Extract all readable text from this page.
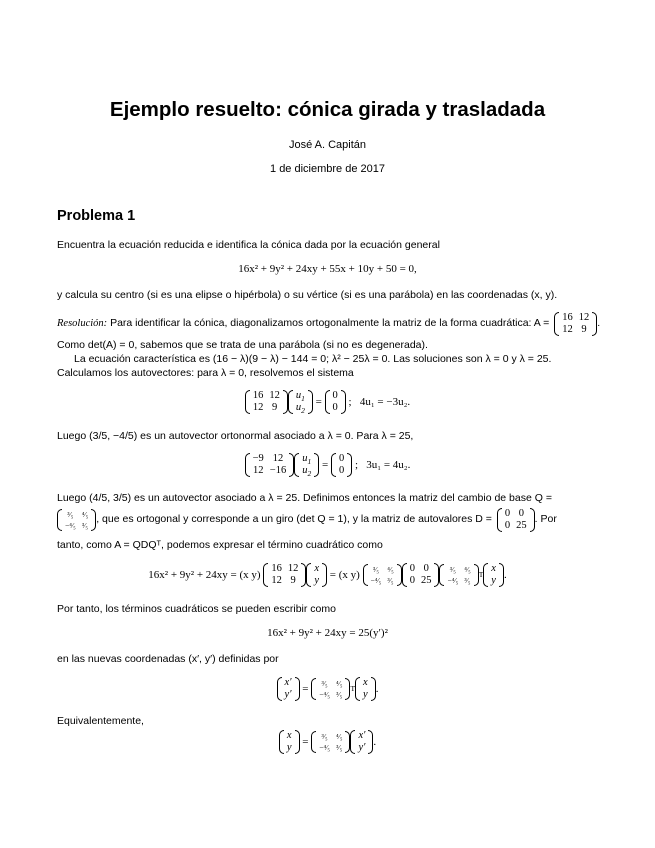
Ejemplo resuelto: cónica girada y trasladada
José A. Capitán
1 de diciembre de 2017
Problema 1
Encuentra la ecuación reducida e identifica la cónica dada por la ecuación general
16x² + 9y² + 24xy + 55x + 10y + 50 = 0,
y calcula su centro (si es una elipse o hipérbola) o su vértice (si es una parábola) en las coordenadas (x, y).
Resolución: Para identificar la cónica, diagonalizamos ortogonalmente la matriz de la forma cuadrática: A = 16	12
12	9
.
Como det(A) = 0, sabemos que se trata de una parábola (si no es degenerada).
La ecuación característica es (16 − λ)(9 − λ) − 144 = 0; λ² − 25λ = 0. Las soluciones son λ = 0 y λ = 25.
Calculamos los autovectores: para λ = 0, resolvemos el sistema
16	12
12	9
$u_1$
$u_2$
=
0
0 ; 4u₁ = −3u₂.
Luego (3/5, −4/5) es un autovector ortonormal asociado a λ = 0. Para λ = 25,
−9	12
12	−16
$u_1$
$u_2$
=
0
0 ; 3u₁ = 4u₂.
Luego (4/5, 3/5) es un autovector asociado a λ = 25. Definimos entonces la matriz del cambio de base Q =
³⁄₅	⁴⁄₅
−⁴⁄₅	³⁄₅
, que es ortogonal y corresponde a un giro (det Q = 1), y la matriz de autovalores D = 0	0
0	25
. Por
tanto, como A = QDQᵀ, podemos expresar el término cuadrático como
16x² + 9y² + 24xy = (x y)

16	12
12	9
x
y
= (x y)
³⁄₅	⁴⁄₅
−⁴⁄₅	³⁄₅
0	0
0	25
³⁄₅	⁴⁄₅
−⁴⁄₅	³⁄₅
T
x
y .
Por tanto, los términos cuadráticos se pueden escribir como
16x² + 9y² + 24xy = 25(y′)²
en las nuevas coordenadas (x′, y′) definidas por
x′
y′ = ³⁄₅	⁴⁄₅
−⁴⁄₅	³⁄₅
T
x
y .
Equivalentemente,
x
y = ³⁄₅	⁴⁄₅
−⁴⁄₅	³⁄₅
x′
y′ .
